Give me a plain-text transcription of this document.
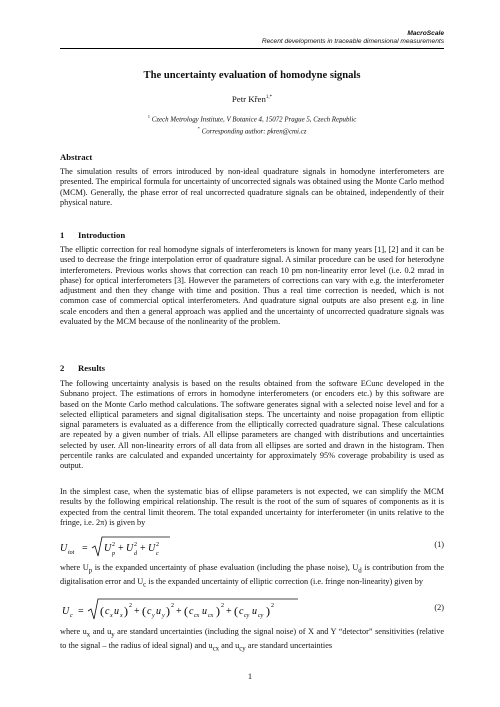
MacroScale
Recent developments in traceable dimensional measurements
The uncertainty evaluation of homodyne signals
Petr Křen$^{1,*}$
$^1$ Czech Metrology Institute, V Botanice 4, 15072 Prague 5, Czech Republic
* Corresponding author: pkren@cmi.cz
Abstract

The simulation results of errors introduced by non-ideal quadrature signals in homodyne interferometers are presented. The empirical formula for uncertainty of uncorrected signals was obtained using the Monte Carlo method (MCM). Generally, the phase error of real uncorrected quadrature signals can be obtained, independently of their physical nature.

1 Introduction

The elliptic correction for real homodyne signals of interferometers is known for many years [1], [2] and it can be used to decrease the fringe interpolation error of quadrature signal. A similar procedure can be used for heterodyne interferometers. Previous works shows that correction can reach 10 pm non-linearity error level (i.e. 0.2 mrad in phase) for optical interferometers [3]. However the parameters of corrections can vary with e.g. the interferometer adjustment and then they change with time and position. Thus a real time correction is needed, which is not common case of commercial optical interferometers. And quadrature signal outputs are also present e.g. in line scale encoders and then a general approach was applied and the uncertainty of uncorrected quadrature signals was evaluated by the MCM because of the nonlinearity of the problem.

2 Results

The following uncertainty analysis is based on the results obtained from the software ECunc developed in the Subnano project. The estimations of errors in homodyne interferometers (or encoders etc.) by this software are based on the Monte Carlo method calculations. The software generates signal with a selected noise level and for a selected elliptical parameters and signal digitalisation steps. The uncertainty and noise propagation from elliptic signal parameters is evaluated as a difference from the elliptically corrected quadrature signal. These calculations are repeated by a given number of trials. All ellipse parameters are changed with distributions and uncertainties selected by user. All non-linearity errors of all data from all ellipses are sorted and drawn in the histogram. Then percentile ranks are calculated and expanded uncertainty for approximately 95% coverage probability is used as output.

In the simplest case, when the systematic bias of ellipse parameters is not expected, we can simplify the MCM results by the following empirical relationship. The result is the root of the sum of squares of components as it is expected from the central limit theorem. The total expanded uncertainty for interferometer (in units relative to the fringe, i.e. 2π) is given by

U tot = U 2
p + U 2
d + U 2
c
(1)

where $U_p$ is the expanded uncertainty of phase evaluation (including the phase noise), $U_d$ is contribution from the digitalisation error and $U_c$ is the expanded uncertainty of elliptic correction (i.e. fringe non-linearity) given by

U c = ( c x u x ) 2 + ( c y u y ) 2 + ( c cx u cx ) 2 + ( c cy u cy ) 2	(2)

where $u_x$ and $u_y$ are standard uncertainties (including the signal noise) of X and Y “detector” sensitivities (relative to the signal – the radius of ideal signal) and $u_{cx}$ and $u_{cy}$ are standard uncertainties

1
